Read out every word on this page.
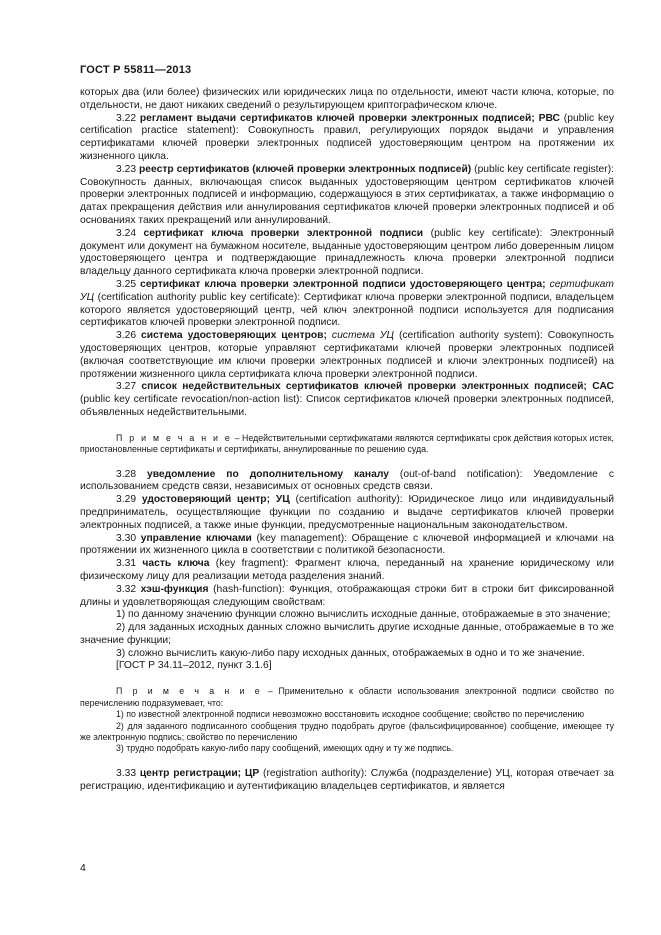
ГОСТ Р 55811—2013

которых два (или более) физических или юридических лица по отдельности, имеют части ключа, которые, по отдельности, не дают никаких сведений о результирующем криптографическом ключе.

3.22 регламент выдачи сертификатов ключей проверки электронных подписей; РВС (public key certification practice statement): Совокупность правил, регулирующих порядок выдачи и управления сертификатами ключей проверки электронных подписей удостоверяющим центром на протяжении их жизненного цикла.

3.23 реестр сертификатов (ключей проверки электронных подписей) (public key certificate register): Совокупность данных, включающая список выданных удостоверяющим центром сертификатов ключей проверки электронных подписей и информацию, содержащуюся в этих сертификатах, а также информацию о датах прекращения действия или аннулирования сертификатов ключей проверки электронных подписей и об основаниях таких прекращений или аннулирований.

3.24 сертификат ключа проверки электронной подписи (public key certificate): Электронный документ или документ на бумажном носителе, выданные удостоверяющим центром либо доверенным лицом удостоверяющего центра и подтверждающие принадлежность ключа проверки электронной подписи владельцу данного сертификата ключа проверки электронной подписи.

3.25 сертификат ключа проверки электронной подписи удостоверяющего центра; сертификат УЦ (certification authority public key certificate): Сертификат ключа проверки электронной подписи, владельцем которого является удостоверяющий центр, чей ключ электронной подписи используется для подписания сертификатов ключей проверки электронной подписи.

3.26 система удостоверяющих центров; система УЦ (certification authority system): Совокупность удостоверяющих центров, которые управляют сертификатами ключей проверки электронных подписей (включая соответствующие им ключи проверки электронных подписей и ключи электронных подписей) на протяжении жизненного цикла сертификата ключа проверки электронной подписи.

3.27 список недействительных сертификатов ключей проверки электронных подписей; САС (public key certificate revocation/non-action list): Список сертификатов ключей проверки электронных подписей, объявленных недействительными.

П р и м е ч а н и е – Недействительными сертификатами являются сертификаты срок действия которых истек, приостановленные сертификаты и сертификаты, аннулированные по решению суда.

3.28 уведомление по дополнительному каналу (out-of-band notification): Уведомление с использованием средств связи, независимых от основных средств связи.

3.29 удостоверяющий центр; УЦ (certification authority): Юридическое лицо или индивидуальный предприниматель, осуществляющие функции по созданию и выдаче сертификатов ключей проверки электронных подписей, а также иные функции, предусмотренные национальным законодательством.

3.30 управление ключами (key management): Обращение с ключевой информацией и ключами на протяжении их жизненного цикла в соответствии с политикой безопасности.

3.31 часть ключа (key fragment): Фрагмент ключа, переданный на хранение юридическому или физическому лицу для реализации метода разделения знаний.

3.32 хэш-функция (hash-function): Функция, отображающая строки бит в строки бит фиксированной длины и удовлетворяющая следующим свойствам:

1) по данному значению функции сложно вычислить исходные данные, отображаемые в это значение;

2) для заданных исходных данных сложно вычислить другие исходные данные, отображаемые в то же значение функции;

3) сложно вычислить какую-либо пару исходных данных, отображаемых в одно и то же значение.

[ГОСТ Р 34.11–2012, пункт 3.1.6]

П р и м е ч а н и е – Применительно к области использования электронной подписи свойство по перечислению подразумевает, что:

1) по известной электронной подписи невозможно восстановить исходное сообщение; свойство по перечислению

2) для заданного подписанного сообщения трудно подобрать другое (фальсифицированное) сообщение, имеющее ту же электронную подпись; свойство по перечислению

3) трудно подобрать какую-либо пару сообщений, имеющих одну и ту же подпись.

3.33 центр регистрации; ЦР (registration authority): Служба (подразделение) УЦ, которая отвечает за регистрацию, идентификацию и аутентификацию владельцев сертификатов, и является

4
